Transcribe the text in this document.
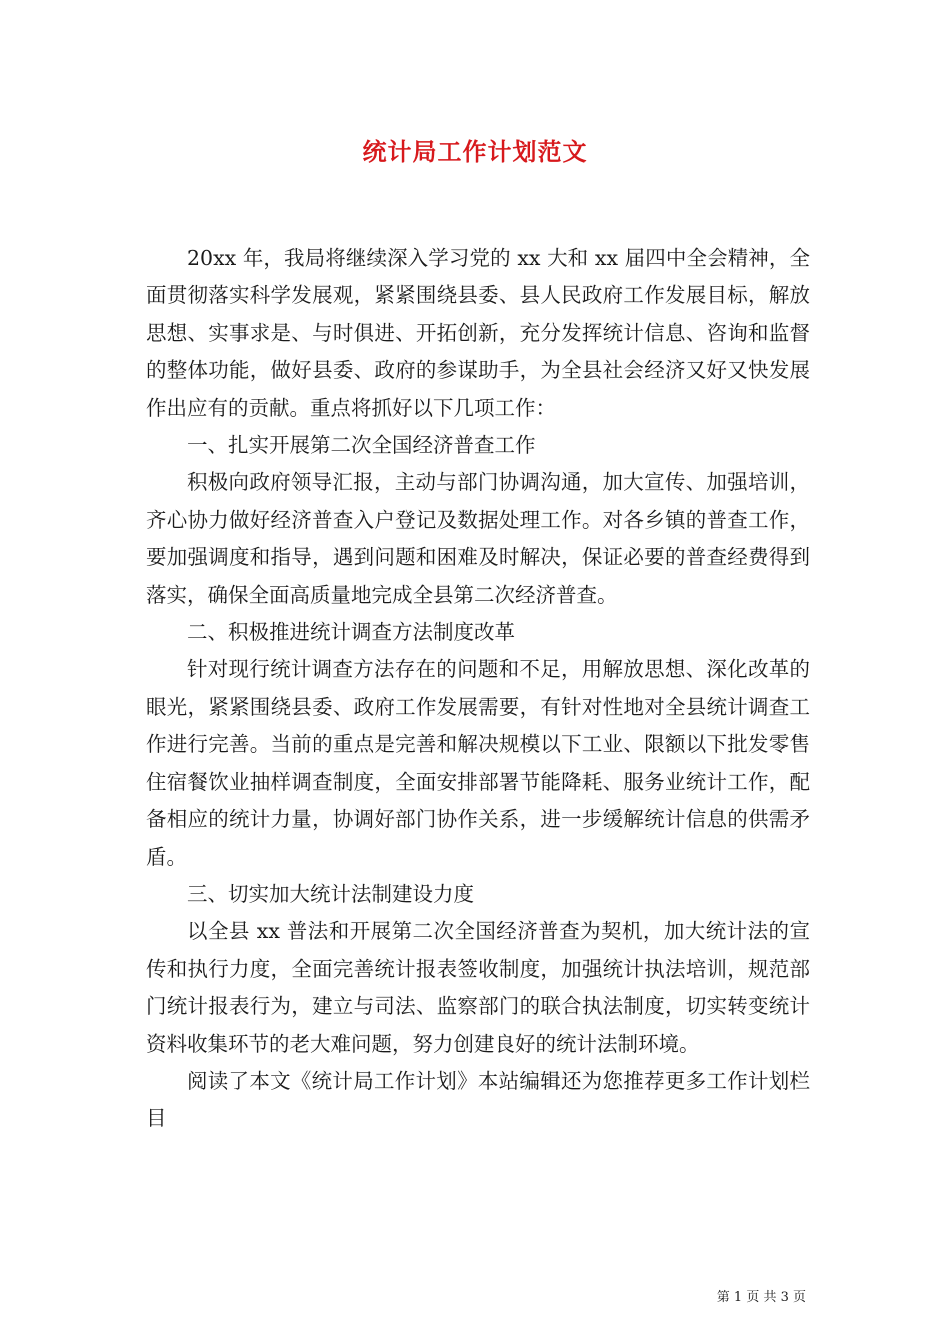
统计局工作计划范文

20xx 年，我局将继续深入学习党的 xx 大和 xx 届四中全会精神，全面贯彻落实科学发展观，紧紧围绕县委、县人民政府工作发展目标，解放思想、实事求是、与时俱进、开拓创新，充分发挥统计信息、咨询和监督的整体功能，做好县委、政府的参谋助手，为全县社会经济又好又快发展作出应有的贡献。重点将抓好以下几项工作：

一、扎实开展第二次全国经济普查工作

积极向政府领导汇报，主动与部门协调沟通，加大宣传、加强培训，齐心协力做好经济普查入户登记及数据处理工作。对各乡镇的普查工作，要加强调度和指导，遇到问题和困难及时解决，保证必要的普查经费得到落实，确保全面高质量地完成全县第二次经济普查。

二、积极推进统计调查方法制度改革

针对现行统计调查方法存在的问题和不足，用解放思想、深化改革的眼光，紧紧围绕县委、政府工作发展需要，有针对性地对全县统计调查工作进行完善。当前的重点是完善和解决规模以下工业、限额以下批发零售住宿餐饮业抽样调查制度，全面安排部署节能降耗、服务业统计工作，配备相应的统计力量，协调好部门协作关系，进一步缓解统计信息的供需矛盾。

三、切实加大统计法制建设力度

以全县 xx 普法和开展第二次全国经济普查为契机，加大统计法的宣传和执行力度，全面完善统计报表签收制度，加强统计执法培训，规范部门统计报表行为，建立与司法、监察部门的联合执法制度，切实转变统计资料收集环节的老大难问题，努力创建良好的统计法制环境。

阅读了本文《统计局工作计划》本站编辑还为您推荐更多工作计划栏目

第 1 页 共 3 页
